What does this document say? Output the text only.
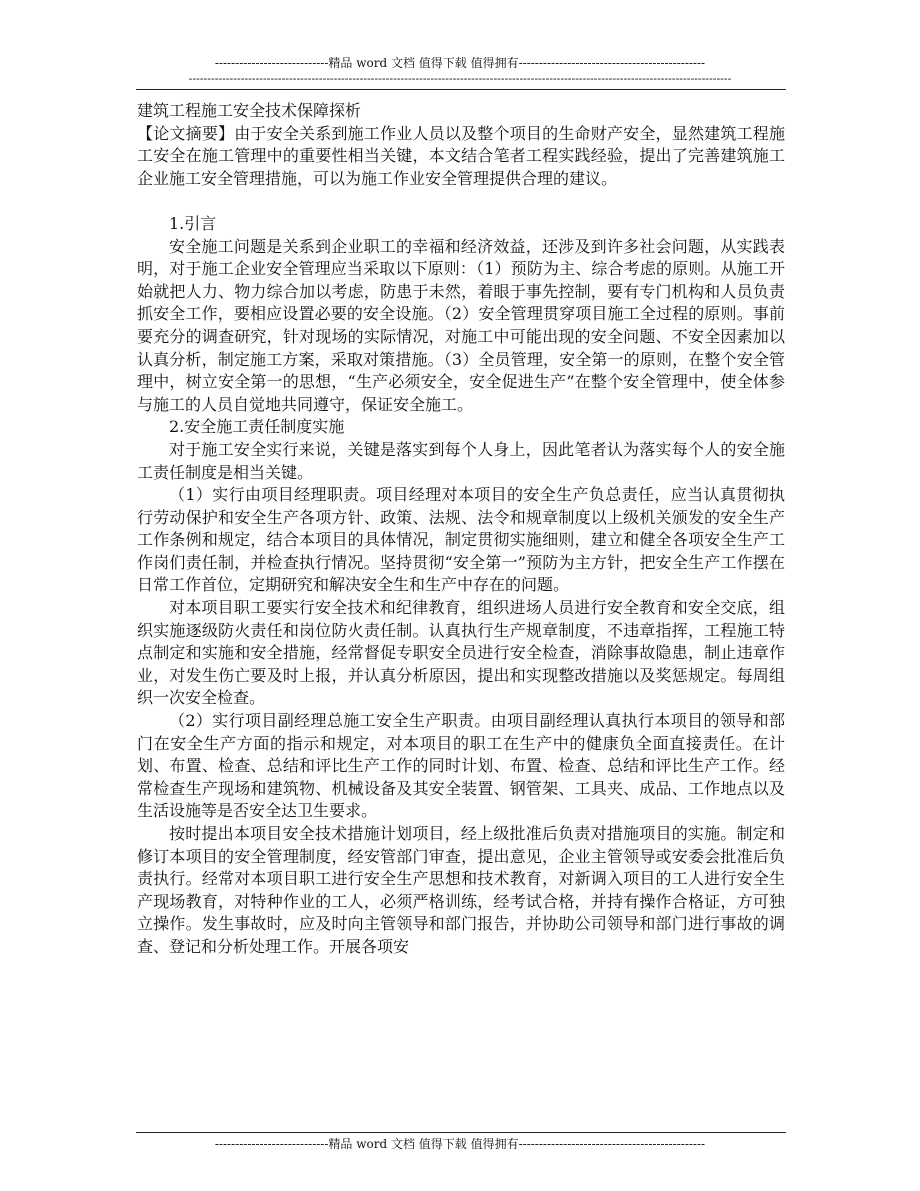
----------------------------精品 word 文档 值得下载 值得拥有----------------------------------------------
--------------------------------------------------------------------------------------------------------------------------------------------------

建筑工程施工安全技术保障探析

【论文摘要】由于安全关系到施工作业人员以及整个项目的生命财产安全，显然建筑工程施工安全在施工管理中的重要性相当关键，本文结合笔者工程实践经验，提出了完善建筑施工企业施工安全管理措施，可以为施工作业安全管理提供合理的建议。

1.引言

安全施工问题是关系到企业职工的幸福和经济效益，还涉及到许多社会问题，从实践表明，对于施工企业安全管理应当采取以下原则：（1）预防为主、综合考虑的原则。从施工开始就把人力、物力综合加以考虑，防患于未然，着眼于事先控制，要有专门机构和人员负责抓安全工作，要相应设置必要的安全设施。（2）安全管理贯穿项目施工全过程的原则。事前要充分的调查研究，针对现场的实际情况，对施工中可能出现的安全问题、不安全因素加以认真分析，制定施工方案，采取对策措施。（3）全员管理，安全第一的原则，在整个安全管理中，树立安全第一的思想，“生产必须安全，安全促进生产”在整个安全管理中，使全体参与施工的人员自觉地共同遵守，保证安全施工。

2.安全施工责任制度实施

对于施工安全实行来说，关键是落实到每个人身上，因此笔者认为落实每个人的安全施工责任制度是相当关键。

（1）实行由项目经理职责。项目经理对本项目的安全生产负总责任，应当认真贯彻执行劳动保护和安全生产各项方针、政策、法规、法令和规章制度以上级机关颁发的安全生产工作条例和规定，结合本项目的具体情况，制定贯彻实施细则，建立和健全各项安全生产工作岗们责任制，并检查执行情况。坚持贯彻“安全第一”预防为主方针，把安全生产工作摆在日常工作首位，定期研究和解决安全生和生产中存在的问题。

对本项目职工要实行安全技术和纪律教育，组织进场人员进行安全教育和安全交底，组织实施逐级防火责任和岗位防火责任制。认真执行生产规章制度，不违章指挥，工程施工特点制定和实施和安全措施，经常督促专职安全员进行安全检查，消除事故隐患，制止违章作业，对发生伤亡要及时上报，并认真分析原因，提出和实现整改措施以及奖惩规定。每周组织一次安全检查。

（2）实行项目副经理总施工安全生产职责。由项目副经理认真执行本项目的领导和部门在安全生产方面的指示和规定，对本项目的职工在生产中的健康负全面直接责任。在计划、布置、检查、总结和评比生产工作的同时计划、布置、检查、总结和评比生产工作。经常检查生产现场和建筑物、机械设备及其安全装置、钢管架、工具夹、成品、工作地点以及生活设施等是否安全达卫生要求。

按时提出本项目安全技术措施计划项目，经上级批准后负责对措施项目的实施。制定和修订本项目的安全管理制度，经安管部门审查，提出意见，企业主管领导或安委会批准后负责执行。经常对本项目职工进行安全生产思想和技术教育，对新调入项目的工人进行安全生产现场教育，对特种作业的工人，必须严格训练，经考试合格，并持有操作合格证，方可独立操作。发生事故时，应及时向主管领导和部门报告，并协助公司领导和部门进行事故的调查、登记和分析处理工作。开展各项安

----------------------------精品 word 文档 值得下载 值得拥有----------------------------------------------
